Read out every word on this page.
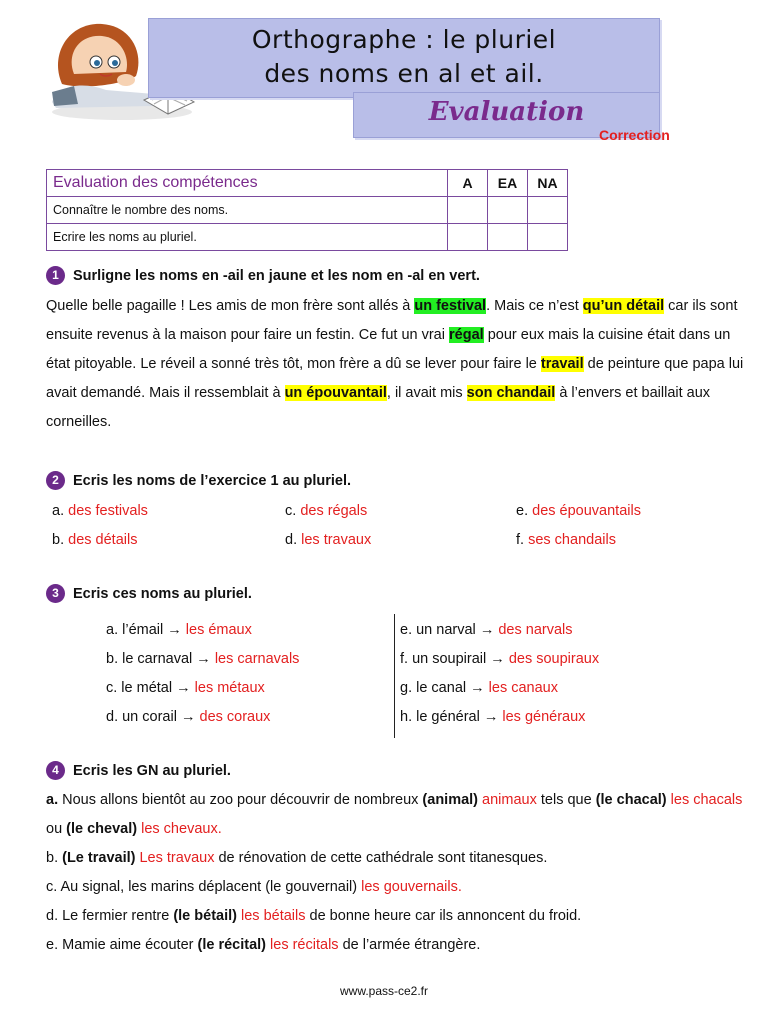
Orthographe : le pluriel
des noms en al et ail.
Evaluation
Correction
Evaluation des compétences	A	EA	NA
Connaître le nombre des noms.			
Ecrire les noms au pluriel.			
1 Surligne les noms en -ail en jaune et les nom en -al en vert.
Quelle belle pagaille ! Les amis de mon frère sont allés à un festival. Mais ce n’est qu’un détail car ils sont ensuite revenus à la maison pour faire un festin. Ce fut un vrai régal pour eux mais la cuisine était dans un état pitoyable. Le réveil a sonné très tôt, mon frère a dû se lever pour faire le travail de peinture que papa lui avait demandé. Mais il ressemblait à un épouvantail, il avait mis son chandail à l’envers et baillait aux corneilles.
2 Ecris les noms de l’exercice 1 au pluriel.
a. des festivals	c. des régals	e. des épouvantails
b. des détails	d. les travaux	f. ses chandails
3 Ecris ces noms au pluriel.
a. l’émail → les émaux
b. le carnaval → les carnavals
c. le métal → les métaux
d. un corail → des coraux
e. un narval → des narvals
f. un soupirail → des soupiraux
g. le canal → les canaux
h. le général → les généraux
4 Ecris les GN au pluriel.
a. Nous allons bientôt au zoo pour découvrir de nombreux (animal) animaux tels que (le chacal) les chacals ou (le cheval) les chevaux.
b. (Le travail) Les travaux de rénovation de cette cathédrale sont titanesques.
c. Au signal, les marins déplacent (le gouvernail) les gouvernails.
d. Le fermier rentre (le bétail) les bétails de bonne heure car ils annoncent du froid.
e. Mamie aime écouter (le récital) les récitals de l’armée étrangère.
www.pass-ce2.fr
